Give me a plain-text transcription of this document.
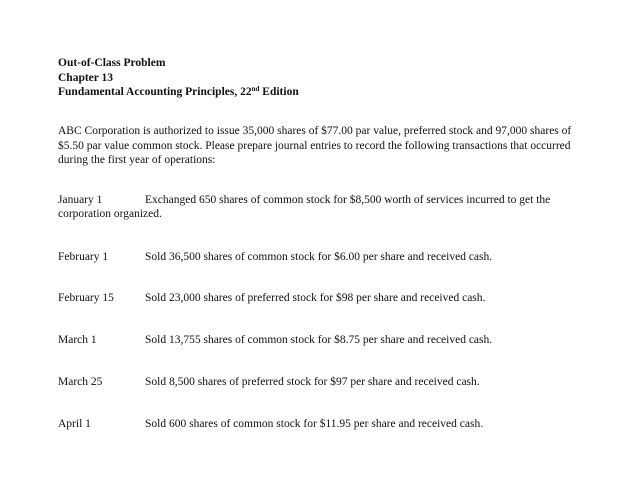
Out-of-Class Problem
Chapter 13
Fundamental Accounting Principles, 22nd Edition
ABC Corporation is authorized to issue 35,000 shares of $77.00 par value, preferred stock and 97,000 shares of
$5.50 par value common stock. Please prepare journal entries to record the following transactions that occurred
during the first year of operations:
January 1	Exchanged 650 shares of common stock for $8,500 worth of services incurred to get the
corporation organized.
February 1	Sold 36,500 shares of common stock for $6.00 per share and received cash.
February 15	Sold 23,000 shares of preferred stock for $98 per share and received cash.
March 1	Sold 13,755 shares of common stock for $8.75 per share and received cash.
March 25	Sold 8,500 shares of preferred stock for $97 per share and received cash.
April 1	Sold 600 shares of common stock for $11.95 per share and received cash.
